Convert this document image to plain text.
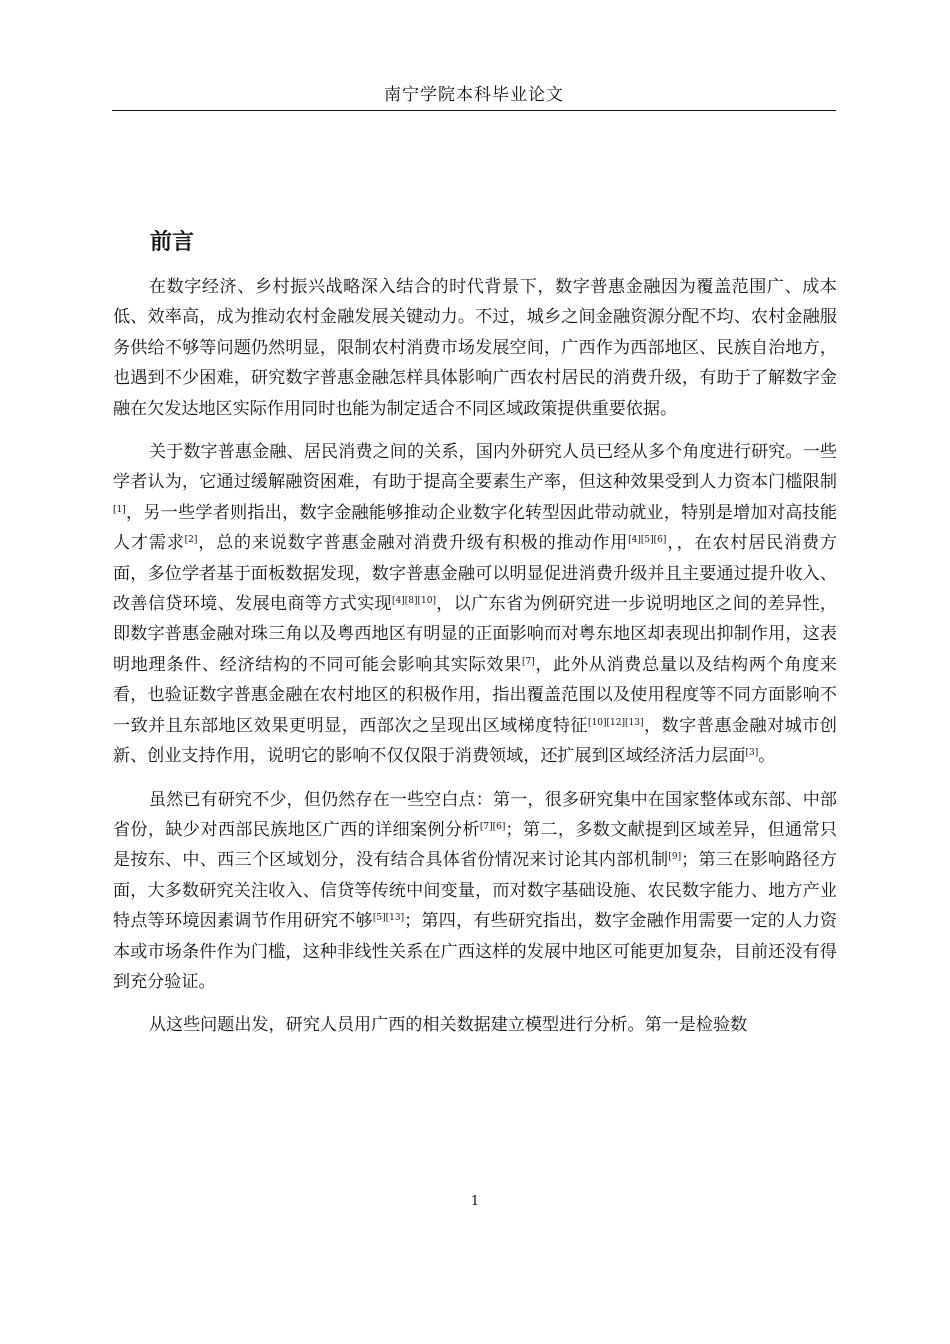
南宁学院本科毕业论文
前言

在数字经济、乡村振兴战略深入结合的时代背景下，数字普惠金融因为覆盖范围广、成本低、效率高，成为推动农村金融发展关键动力。不过，城乡之间金融资源分配不均、农村金融服务供给不够等问题仍然明显，限制农村消费市场发展空间，广西作为西部地区、民族自治地方，也遇到不少困难，研究数字普惠金融怎样具体影响广西农村居民的消费升级，有助于了解数字金融在欠发达地区实际作用同时也能为制定适合不同区域政策提供重要依据。

关于数字普惠金融、居民消费之间的关系，国内外研究人员已经从多个角度进行研究。一些学者认为，它通过缓解融资困难，有助于提高全要素生产率，但这种效果受到人力资本门槛限制[1]，另一些学者则指出，数字金融能够推动企业数字化转型因此带动就业，特别是增加对高技能人才需求[2]，总的来说数字普惠金融对消费升级有积极的推动作用[4][5][6]，，在农村居民消费方面，多位学者基于面板数据发现，数字普惠金融可以明显促进消费升级并且主要通过提升收入、改善信贷环境、发展电商等方式实现[4][8][10]，以广东省为例研究进一步说明地区之间的差异性，即数字普惠金融对珠三角以及粤西地区有明显的正面影响而对粤东地区却表现出抑制作用，这表明地理条件、经济结构的不同可能会影响其实际效果[7]，此外从消费总量以及结构两个角度来看，也验证数字普惠金融在农村地区的积极作用，指出覆盖范围以及使用程度等不同方面影响不一致并且东部地区效果更明显，西部次之呈现出区域梯度特征[10][12][13]，数字普惠金融对城市创新、创业支持作用，说明它的影响不仅仅限于消费领域，还扩展到区域经济活力层面[3]。

虽然已有研究不少，但仍然存在一些空白点：第一，很多研究集中在国家整体或东部、中部省份，缺少对西部民族地区广西的详细案例分析[7][6]；第二，多数文献提到区域差异，但通常只是按东、中、西三个区域划分，没有结合具体省份情况来讨论其内部机制[9]；第三在影响路径方面，大多数研究关注收入、信贷等传统中间变量，而对数字基础设施、农民数字能力、地方产业特点等环境因素调节作用研究不够[5][13]；第四，有些研究指出，数字金融作用需要一定的人力资本或市场条件作为门槛，这种非线性关系在广西这样的发展中地区可能更加复杂，目前还没有得到充分验证。

从这些问题出发，研究人员用广西的相关数据建立模型进行分析。第一是检验数

1
